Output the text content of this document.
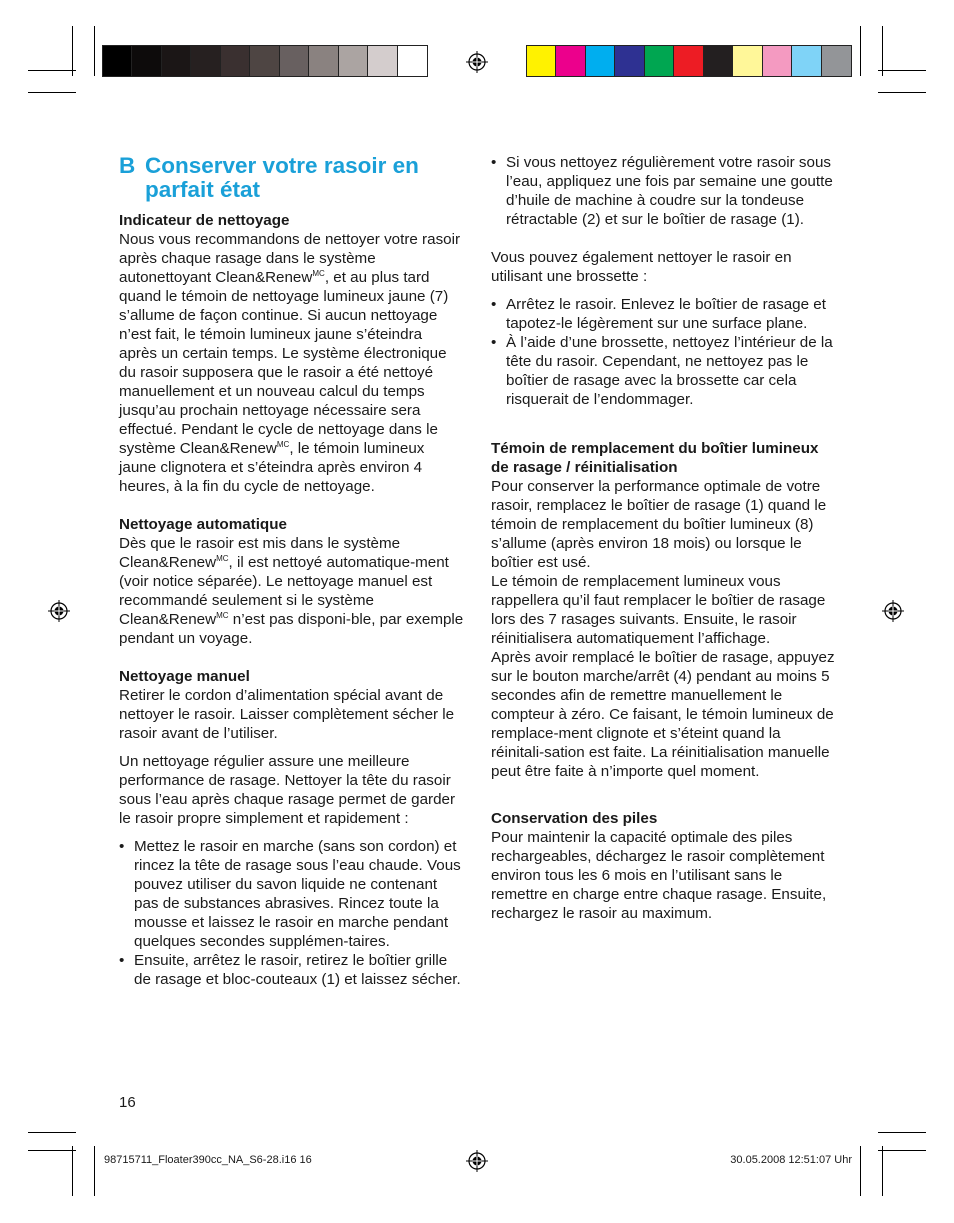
B Conserver votre rasoir en parfait état

Indicateur de nettoyage

Nous vous recommandons de nettoyer votre rasoir après chaque rasage dans le système autonettoyant Clean&Renew$^{MC}$, et au plus tard quand le témoin de nettoyage lumineux jaune (7) s’allume de façon continue. Si aucun nettoyage n’est fait, le témoin lumineux jaune s’éteindra après un certain temps. Le système électronique du rasoir supposera que le rasoir a été nettoyé manuellement et un nouveau calcul du temps jusqu’au prochain nettoyage nécessaire sera effectué. Pendant le cycle de nettoyage dans le système Clean&Renew$^{MC}$, le témoin lumineux jaune clignotera et s’éteindra après environ 4 heures, à la fin du cycle de nettoyage.

Nettoyage automatique

Dès que le rasoir est mis dans le système Clean&Renew$^{MC}$, il est nettoyé automatique-ment (voir notice séparée). Le nettoyage manuel est recommandé seulement si le système Clean&Renew$^{MC}$ n’est pas disponi-ble, par exemple pendant un voyage.

Nettoyage manuel

Retirer le cordon d’alimentation spécial avant de nettoyer le rasoir. Laisser complètement sécher le rasoir avant de l’utiliser.

Un nettoyage régulier assure une meilleure performance de rasage. Nettoyer la tête du rasoir sous l’eau après chaque rasage permet de garder le rasoir propre simplement et rapidement :

• Mettez le rasoir en marche (sans son cordon) et rincez la tête de rasage sous l’eau chaude. Vous pouvez utiliser du savon liquide ne contenant pas de substances abrasives. Rincez toute la mousse et laissez le rasoir en marche pendant quelques secondes supplémen-taires.
• Ensuite, arrêtez le rasoir, retirez le boîtier grille de rasage et bloc-couteaux (1) et laissez sécher.
• Si vous nettoyez régulièrement votre rasoir sous l’eau, appliquez une fois par semaine une goutte d’huile de machine à coudre sur la tondeuse rétractable (2) et sur le boîtier de rasage (1).

Vous pouvez également nettoyer le rasoir en utilisant une brossette :

• Arrêtez le rasoir. Enlevez le boîtier de rasage et tapotez-le légèrement sur une surface plane.
• À l’aide d’une brossette, nettoyez l’intérieur de la tête du rasoir. Cependant, ne nettoyez pas le boîtier de rasage avec la brossette car cela risquerait de l’endommager.

Témoin de remplacement du boîtier lumineux de rasage / réinitialisation

Pour conserver la performance optimale de votre rasoir, remplacez le boîtier de rasage (1) quand le témoin de remplacement du boîtier lumineux (8) s’allume (après environ 18 mois) ou lorsque le boîtier est usé.

Le témoin de remplacement lumineux vous rappellera qu’il faut remplacer le boîtier de rasage lors des 7 rasages suivants. Ensuite, le rasoir réinitialisera automatiquement l’affichage.

Après avoir remplacé le boîtier de rasage, appuyez sur le bouton marche/arrêt (4) pendant au moins 5 secondes afin de remettre manuellement le compteur à zéro. Ce faisant, le témoin lumineux de remplace-ment clignote et s’éteint quand la réinitali-sation est faite. La réinitialisation manuelle peut être faite à n’importe quel moment.

Conservation des piles

Pour maintenir la capacité optimale des piles rechargeables, déchargez le rasoir complètement environ tous les 6 mois en l’utilisant sans le remettre en charge entre chaque rasage. Ensuite, rechargez le rasoir au maximum.

16
98715711_Floater390cc_NA_S6-28.i16 16	30.05.2008 12:51:07 Uhr
